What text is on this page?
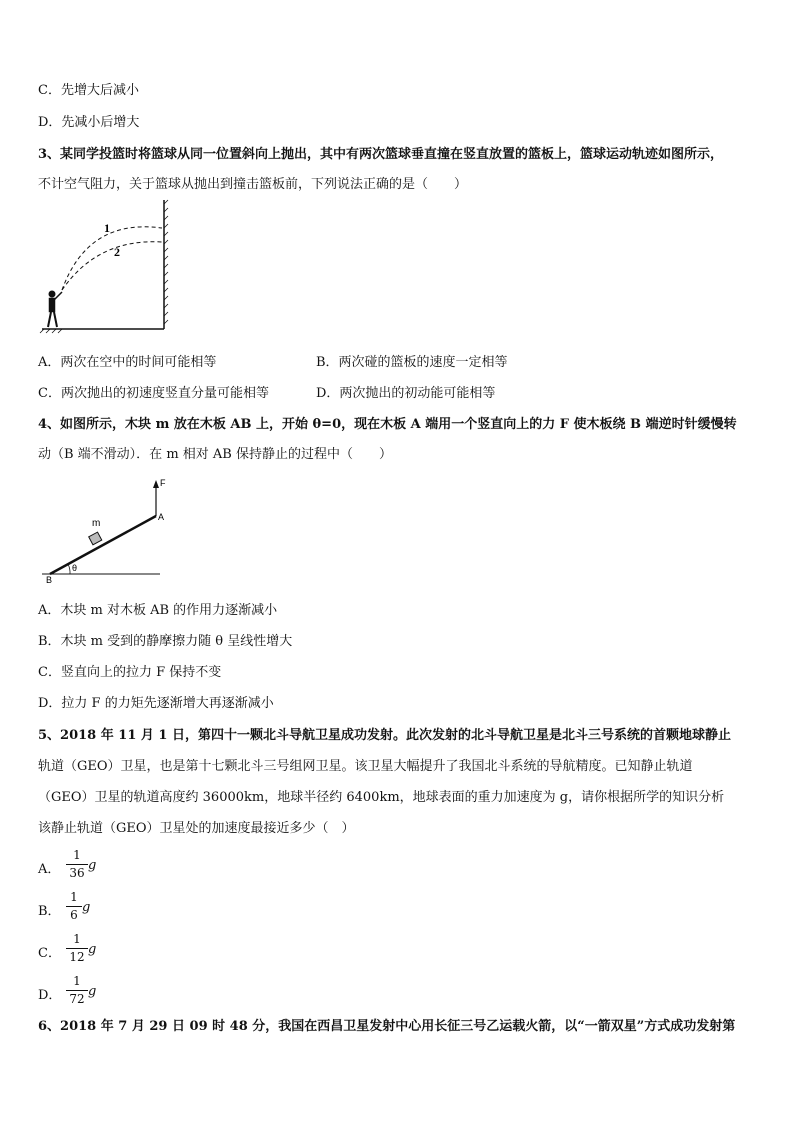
C．先增大后减小
D．先减小后增大
3、某同学投篮时将篮球从同一位置斜向上抛出，其中有两次篮球垂直撞在竖直放置的篮板上，篮球运动轨迹如图所示，
不计空气阻力，关于篮球从抛出到撞击篮板前，下列说法正确的是（　　）
1
2
A．两次在空中的时间可能相等	B．两次碰的篮板的速度一定相等
C．两次抛出的初速度竖直分量可能相等	D．两次抛出的初动能可能相等
4、如图所示，木块 m 放在木板 AB 上，开始 θ=0，现在木板 A 端用一个竖直向上的力 F 使木板绕 B 端逆时针缓慢转
动（B 端不滑动）．在 m 相对 AB 保持静止的过程中（　　）
F
A
B
m
θ
A．木块 m 对木板 AB 的作用力逐渐减小
B．木块 m 受到的静摩擦力随 θ 呈线性增大
C．竖直向上的拉力 F 保持不变
D．拉力 F 的力矩先逐渐增大再逐渐减小
5、2018 年 11 月 1 日，第四十一颗北斗导航卫星成功发射。此次发射的北斗导航卫星是北斗三号系统的首颗地球静止
轨道（GEO）卫星，也是第十七颗北斗三号组网卫星。该卫星大幅提升了我国北斗系统的导航精度。已知静止轨道
（GEO）卫星的轨道高度约 36000km，地球半径约 6400km，地球表面的重力加速度为 g，请你根据所学的知识分析
该静止轨道（GEO）卫星处的加速度最接近多少（　）
A．
1
36 g
B．
1
6 g
C．
1
12 g
D．
1
72 g
6、2018 年 7 月 29 日 09 时 48 分，我国在西昌卫星发射中心用长征三号乙运载火箭，以“一箭双星”方式成功发射第
